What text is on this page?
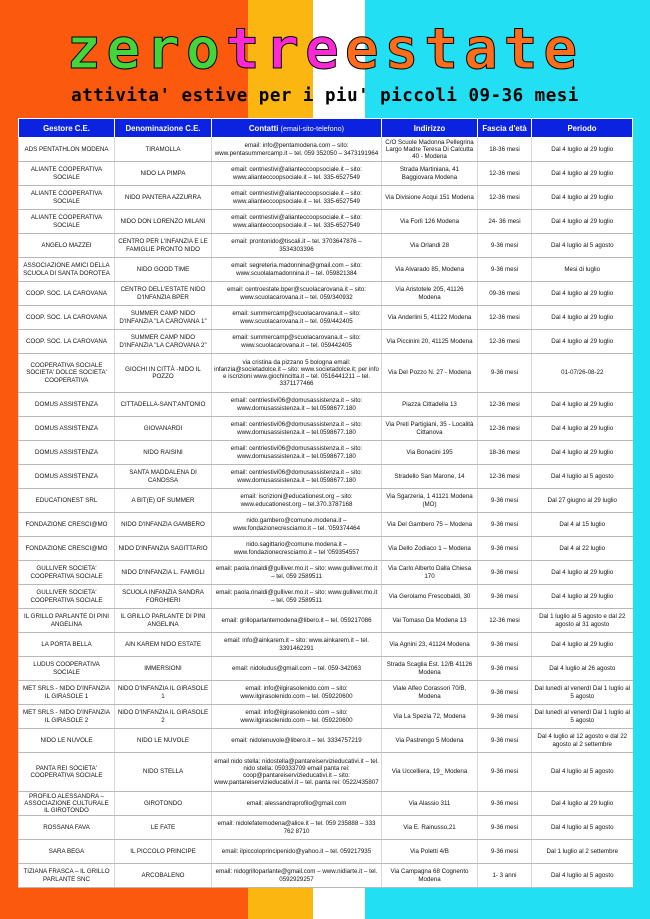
zerotreestate
attivita' estive per i piu' piccoli 09-36 mesi
Gestore C.E.	Denominazione C.E.	Contatti (email-sito-telefono)	Indirizzo	Fascia d'età	Periodo
ADS PENTATHLON MODENA	TIRAMOLLA	email: info@pentamodena.com – sito: www.pentasummercamp.it – tel. 059 352050 – 3473191964	C/O Scuole Madonna Pellegrina Largo Madre Teresa Di Calcutta 40 - Modena	18-36 mesi	Dal 4 luglio al 29 luglio
ALIANTE COOPERATIVA SOCIALE	NIDO LA PIMPA	email: centriestivi@alianteccoopsociale.it – sito: www.alianteccoopsociale.it – tel. 335-6527549	Strada Martiniana, 41 Baggiovara Modena	12-36 mesi	Dal 4 luglio al 29 luglio
ALIANTE COOPERATIVA SOCIALE	NIDO PANTERA AZZURRA	email: centriestivi@alianteccoopsociale.it – sito: www.alianteccoopsociale.it – tel. 335-6527549	Via Divisione Acqui 151 Modena	12-36 mesi	Dal 4 luglio al 29 luglio
ALIANTE COOPERATIVA SOCIALE	NIDO DON LORENZO MILANI	email: centriestivi@alianteccoopsociale.it – sito: www.alianteccoopsociale.it – tel. 335-6527549	Via Forlì 126 Modena	24- 36 mesi	Dal 4 luglio al 29 luglio
ANGELO MAZZEI	CENTRO PER L'INFANZIA E LE FAMIGLIE PRONTO NIDO	email: prontonido@tiscali.it – tel. 3703647876 – 3534303396	Via Orlandi 28	9-36 mesi	Dal 4 luglio al 5 agosto
ASSOCIAZIONE AMICI DELLA SCUOLA DI SANTA DOROTEA	NIDO GOOD TIME	email: segreteria.madonnina@gmail.com – sito: www.scuolalamadonnina.it – tel. 059821384	Via Alvarado 85, Modena	9-36 mesi	Mesi di luglio
COOP. SOC. LA CAROVANA	CENTRO DELL'ESTATE NIDO D'INFANZIA BPER	email: centroestate.bper@scuolacarovana.it – sito: www.scuolacarovana.it – tel. 059/340932	Via Aristotele 205, 41126 Modena	09-36 mesi	Dal 4 luglio al 29 luglio
COOP. SOC. LA CAROVANA	SUMMER CAMP NIDO D'INFANZIA "LA CAROVANA 1"	email: summercamp@scuolacarovana.it – sito: www.scuolacarovana.it – tel. 059/442405	Via Anderlini 5, 41122 Modena	12-36 mesi	Dal 4 luglio al 29 luglio
COOP. SOC. LA CAROVANA	SUMMER CAMP NIDO D'INFANZIA "LA CAROVANA 2"	email: summercamp@scuolacarovana.it – sito: www.scuolacarovana.it – tel. 059442405	Via Piccinini 20, 41125 Modena	12-36 mesi	Dal 4 luglio al 29 luglio
COOPERATIVA SOCIALE SOCIETA' DOLCE SOCIETA' COOPERATIVA	GIOCHI IN CITTÀ -NIDO IL POZZO	via cristina da pizzano 5 bologna email: infanzia@societadolce.it – sito: www.societadolce.it; per info e iscrizioni www.giochincitta.it – tel. 0516441211 – tel. 3371177466	Via Del Pozzo N. 27 - Modena	9-36 mesi	01-07/26-08-22
DOMUS ASSISTENZA	CITTADELLA-SANT'ANTONIO	email: centriestivi06@domusassistenza.it – sito: www.domusassistenza.it – tel.0598677.180	Piazza Cittadella 13	12-36 mesi	Dal 4 luglio al 29 luglio
DOMUS ASSISTENZA	GIOVANARDI	email: centriestivi06@domusassistenza.it – sito: www.domusassistenza.it – tel.0598677.180	Via Preti Partigiani, 35 - Località Cittanova	12-36 mesi	Dal 4 luglio al 29 luglio
DOMUS ASSISTENZA	NIDO RAISINI	email: centriestivi06@domusassistenza.it – sito: www.domusassistenza.it – tel.0598677.180	Via Bonacini 195	18-36 mesi	Dal 4 luglio al 29 luglio
DOMUS ASSISTENZA	SANTA MADDALENA DI CANOSSA	email: centriestivi06@domusassistenza.it – sito: www.domusassistenza.it – tel.0598677.180	Stradello San Marone, 14	12-36 mesi	Dal 4 luglio al 5 agosto
EDUCATIONEST SRL	A BIT(E) OF SUMMER	email: iscrizioni@educationest.org – sito: www.educationest.org – tel.370.3787168	Via Sgarzeria, 1 41121 Modena (MO)	9-36 mesi	Dal 27 giugno al 29 luglio
FONDAZIONE CRESCI@MO	NIDO D'INFANZIA GAMBERO	nido.gambero@comune.modena.it – www.fondazionecresciamo.it – tel. '059374464	Via Del Gambero 75 – Modena	9-36 mesi	Dal 4 al 15 luglio
FONDAZIONE CRESCI@MO	NIDO D'INFANZIA SAGITTARIO	nido.sagittario@comune.modena.it – www.fondazionecresciamo.it – tel '059354557	Via Dello Zodiaco 1 – Modena	9-36 mesi	Dal 4 al 22 luglio
GULLIVER SOCIETA' COOPERATIVA SOCIALE	NIDO D'INFANZIA L. FAMIGLI	email: paola.rinaldi@gulliver.mo.it – sito: www.gulliver.mo.it – tel. 059 2589511	Via Carlo Alberto Dalla Chiesa 170	9-36 mesi	Dal 4 luglio al 29 luglio
GULLIVER SOCIETA' COOPERATIVA SOCIALE	SCUOLA INFANZIA SANDRA FORGHIERI	email: paola.rinaldi@gulliver.mo.it – sito: www.gulliver.mo.it – tel. 059 2589511	Via Gerolamo Frescobaldi, 30	9-36 mesi	Dal 4 luglio al 29 luglio
IL GRILLO PARLANTE DI PINI ANGELINA	IL GRILLO PARLANTE DI PINI ANGELINA	email: grilloparlantemodena@libero.it – tel. 059217086	Vai Tomaso Da Modena 13	12-36 mesi	Dal 1 luglio al 5 agosto e dal 22 agosto al 31 agosto
LA PORTA BELLA	AIN KAREM NIDO ESTATE	email: info@ainkarem.it – sito: www.ainkarem.it – tel. 3391462291	Via Agnini 23, 41124 Modena	9-36 mesi	Dal 4 luglio al 29 luglio
LUDUS COOPERATIVA SOCIALE	IMMERSIONI	email: nidoludus@gmail.com – tel. 059-342063	Strada Scaglia Est. 12/B 41126 Modena	9-36 mesi	Dal 4 luglio al 26 agosto
MET SRLS - NIDO D'INFANZIA IL GIRASOLE 1	NIDO D'INFANZIA IL GIRASOLE 1	email: info@ilgirasolenido.com – sito: www.ilgirasolenido.com – tel. 059220600	Viale Alfeo Corassori 70/B, Modena	9-36 mesi	Dal lunedì al venerdì Dal 1 luglio al 5 agosto
MET SRLS - NIDO D'INFANZIA IL GIRASOLE 2	NIDO D'INFANZIA IL GIRASOLE 2	email: info@ilgirasolenido.com – sito: www.ilgirasolenido.com – tel. 059220600	Via La Spezia 72, Modena	9-36 mesi	Dal lunedì al venerdì Dal 1 luglio al 5 agosto
NIDO LE NUVOLE	NIDO LE NUVOLE	email: nidolenuvole@libero.it – tel. 3334757219	Via Pastrengo 5 Modena	9-36 mesi	Dal 4 luglio al 12 agosto e dal 22 agosto al 2 settembre
PANTA REI SOCIETA' COOPERATIVA SOCIALE	NIDO STELLA	email nido stella: nidostella@pantareiservizieducativi.it – tel. nido stella: 059333709 email panta rei: coop@pantareiservizieducativi.it – sito: www.pantareiservizieducativi.it – tel. panta rei: 0522/435807	Via Uccelliera, 19_ Modena	9-36 mesi	Dal 4 luglio al 5 agosto
PROFILO ALESSANDRA – ASSOCIAZIONE CULTURALE IL GIROTONDO	GIROTONDO	email: alessandraprofilo@gmail.com	Via Alassio 311	9-36 mesi	Dal 4 luglio al 29 luglio
ROSSANA FAVA	LE FATE	email: nidolefatemodena@alice.it – tel. 059 235888 – 333 762 8710	Via E. Rainusso,21	9-36 mesi	Dal 4 luglio al 5 agosto
SARA BEGA	IL PICCOLO PRINCIPE	email: ilpiccoloprincipenido@yahoo.it – tel. 059217935	Via Poletti 4/B	9-36 mesi	Dal 1 luglio al 2 settembre
TIZIANA FRASCA – IL GRILLO PARLANTE SNC	ARCOBALENO	email: nidogrilloparlante@gmail.com – www.nidiarte.it – tel. 0592929257	Via Campagna 68 Cognento Modena	1- 3 anni	Dal 4 luglio al 5 agosto
